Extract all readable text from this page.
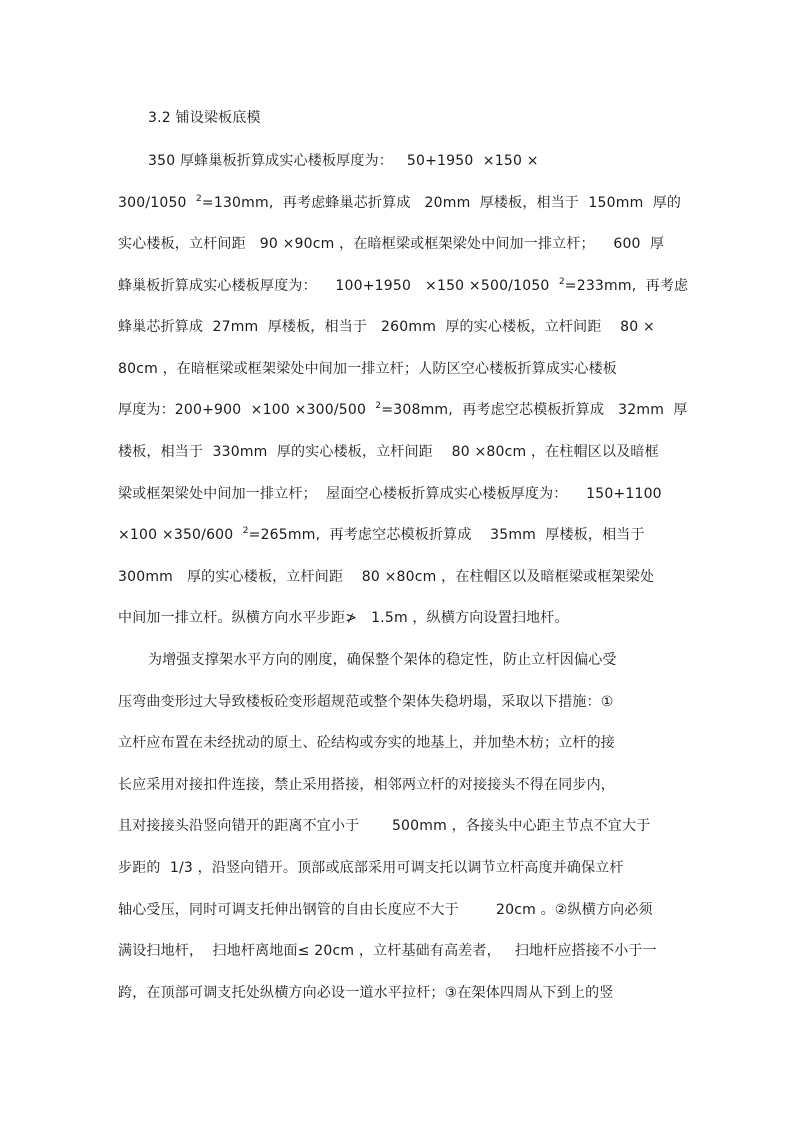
3.2 铺设梁板底模
350 厚蜂巢板折算成实心楼板厚度为：   50+1950  ×150 ×
300/1050  $^2$=130mm,  再考虑蜂巢芯折算成   20mm  厚楼板，相当于  150mm  厚的
实心楼板，立杆间距   90 ×90cm ，在暗框梁或框架梁处中间加一排立杆；    600  厚
蜂巢板折算成实心楼板厚度为：    100+1950   ×150 ×500/1050  $^2$=233mm,  再考虑
蜂巢芯折算成  27mm  厚楼板，相当于   260mm  厚的实心楼板，立杆间距    80 ×
80cm ，在暗框梁或框架梁处中间加一排立杆；人防区空心楼板折算成实心楼板
厚度为：200+900  ×100 ×300/500  $^2$=308mm,  再考虑空芯模板折算成   32mm  厚
楼板，相当于  330mm  厚的实心楼板，立杆间距    80 ×80cm ，在柱帽区以及暗框
梁或框架梁处中间加一排立杆；  屋面空心楼板折算成实心楼板厚度为：    150+1100
×100 ×350/600  $^2$=265mm,  再考虑空芯模板折算成    35mm  厚楼板，相当于
300mm   厚的实心楼板，立杆间距    80 ×80cm ，在柱帽区以及暗框梁或框架梁处
中间加一排立杆。纵横方向水平步距≯   1.5m ，纵横方向设置扫地杆。
为增强支撑架水平方向的刚度，确保整个架体的稳定性，防止立杆因偏心受
压弯曲变形过大导致楼板砼变形超规范或整个架体失稳坍塌，采取以下措施：①
立杆应布置在未经扰动的原土、砼结构或夯实的地基上，并加垫木枋；立杆的接
长应采用对接扣件连接，禁止采用搭接，相邻两立杆的对接接头不得在同步内，
且对接接头沿竖向错开的距离不宜小于       500mm ，各接头中心距主节点不宜大于
步距的  1/3 ，沿竖向错开。顶部或底部采用可调支托以调节立杆高度并确保立杆
轴心受压，同时可调支托伸出钢管的自由长度应不大于        20cm 。②纵横方向必须
满设扫地杆，  扫地杆离地面≤ 20cm ，立杆基础有高差者，   扫地杆应搭接不小于一
跨，在顶部可调支托处纵横方向必设一道水平拉杆；③在架体四周从下到上的竖
